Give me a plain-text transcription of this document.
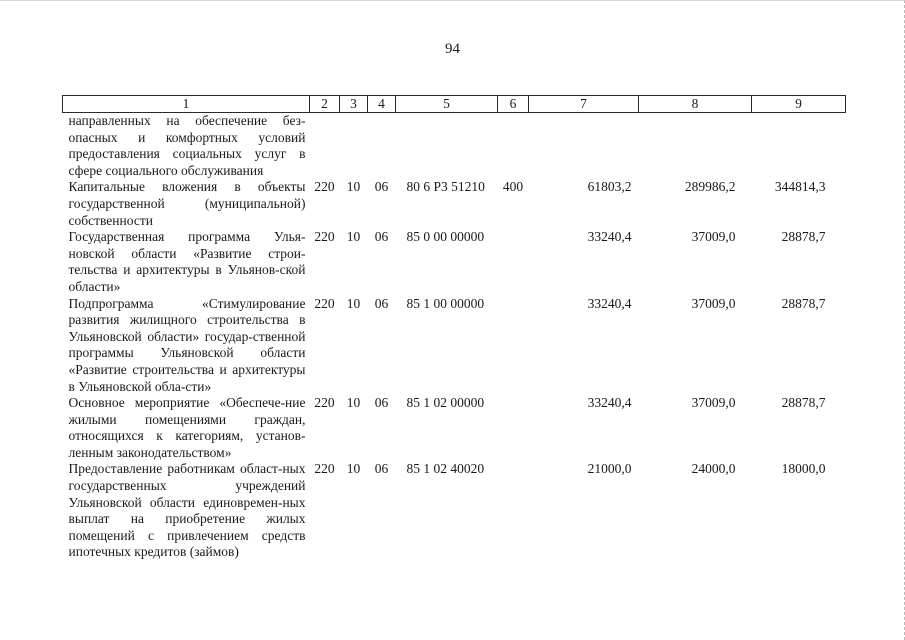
94
1	2	3	4	5	6	7	8	9
направленных на обеспечение без-опасных и комфортных условий предоставления социальных услуг в сфере социального обслуживания								
Капитальные вложения в объекты государственной (муниципальной) собственности	220	10	06	80 6 Р3 51210	400	61803,2	289986,2	344814,3
Государственная программа Улья-новской области «Развитие строи-тельства и архитектуры в Ульянов-ской области»	220	10	06	85 0 00 00000		33240,4	37009,0	28878,7
Подпрограмма «Стимулирование развития жилищного строительства в Ульяновской области» государ-ственной программы Ульяновской области «Развитие строительства и архитектуры в Ульяновской обла-сти»	220	10	06	85 1 00 00000		33240,4	37009,0	28878,7
Основное мероприятие «Обеспече-ние жилыми помещениями граждан, относящихся к категориям, установ-ленным законодательством»	220	10	06	85 1 02 00000		33240,4	37009,0	28878,7
Предоставление работникам област-ных государственных учреждений Ульяновской области единовремен-ных выплат на приобретение жилых помещений с привлечением средств ипотечных кредитов (займов)	220	10	06	85 1 02 40020		21000,0	24000,0	18000,0
